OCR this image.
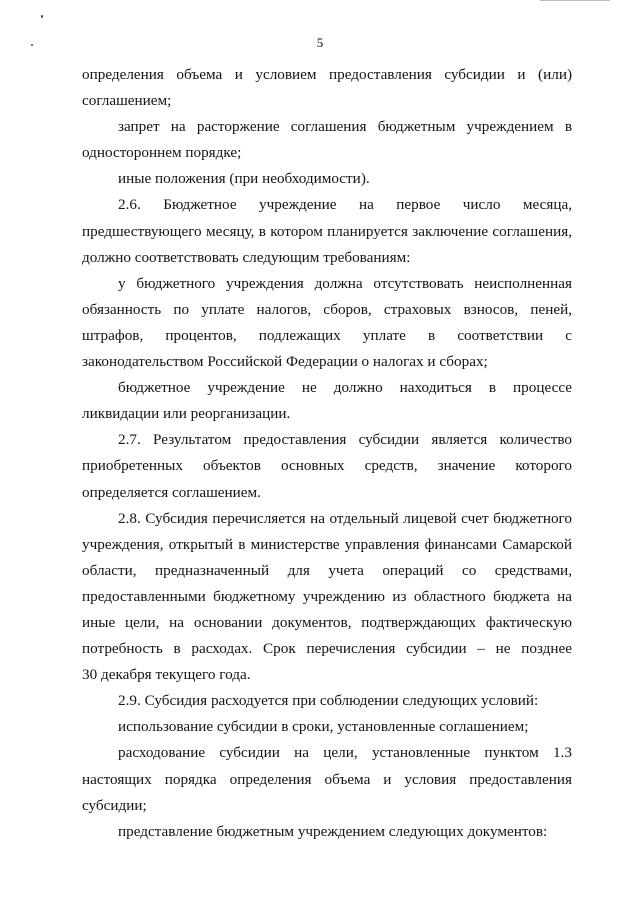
5
определения объема и условием предоставления субсидии и (или)
соглашением;
запрет на расторжение соглашения бюджетным учреждением в
одностороннем порядке;
иные положения (при необходимости).
2.6. Бюджетное учреждение на первое число месяца,
предшествующего месяцу, в котором планируется заключение соглашения,
должно соответствовать следующим требованиям:
у бюджетного учреждения должна отсутствовать неисполненная
обязанность по уплате налогов, сборов, страховых взносов, пеней,
штрафов, процентов, подлежащих уплате в соответствии с
законодательством Российской Федерации о налогах и сборах;
бюджетное учреждение не должно находиться в процессе
ликвидации или реорганизации.
2.7. Результатом предоставления субсидии является количество
приобретенных объектов основных средств, значение которого
определяется соглашением.
2.8. Субсидия перечисляется на отдельный лицевой счет бюджетного
учреждения, открытый в министерстве управления финансами Самарской
области, предназначенный для учета операций со средствами,
предоставленными бюджетному учреждению из областного бюджета на
иные цели, на основании документов, подтверждающих фактическую
потребность в расходах. Срок перечисления субсидии – не позднее
30 декабря текущего года.
2.9. Субсидия расходуется при соблюдении следующих условий:
использование субсидии в сроки, установленные соглашением;
расходование субсидии на цели, установленные пунктом 1.3
настоящих порядка определения объема и условия предоставления
субсидии;
представление бюджетным учреждением следующих документов:
